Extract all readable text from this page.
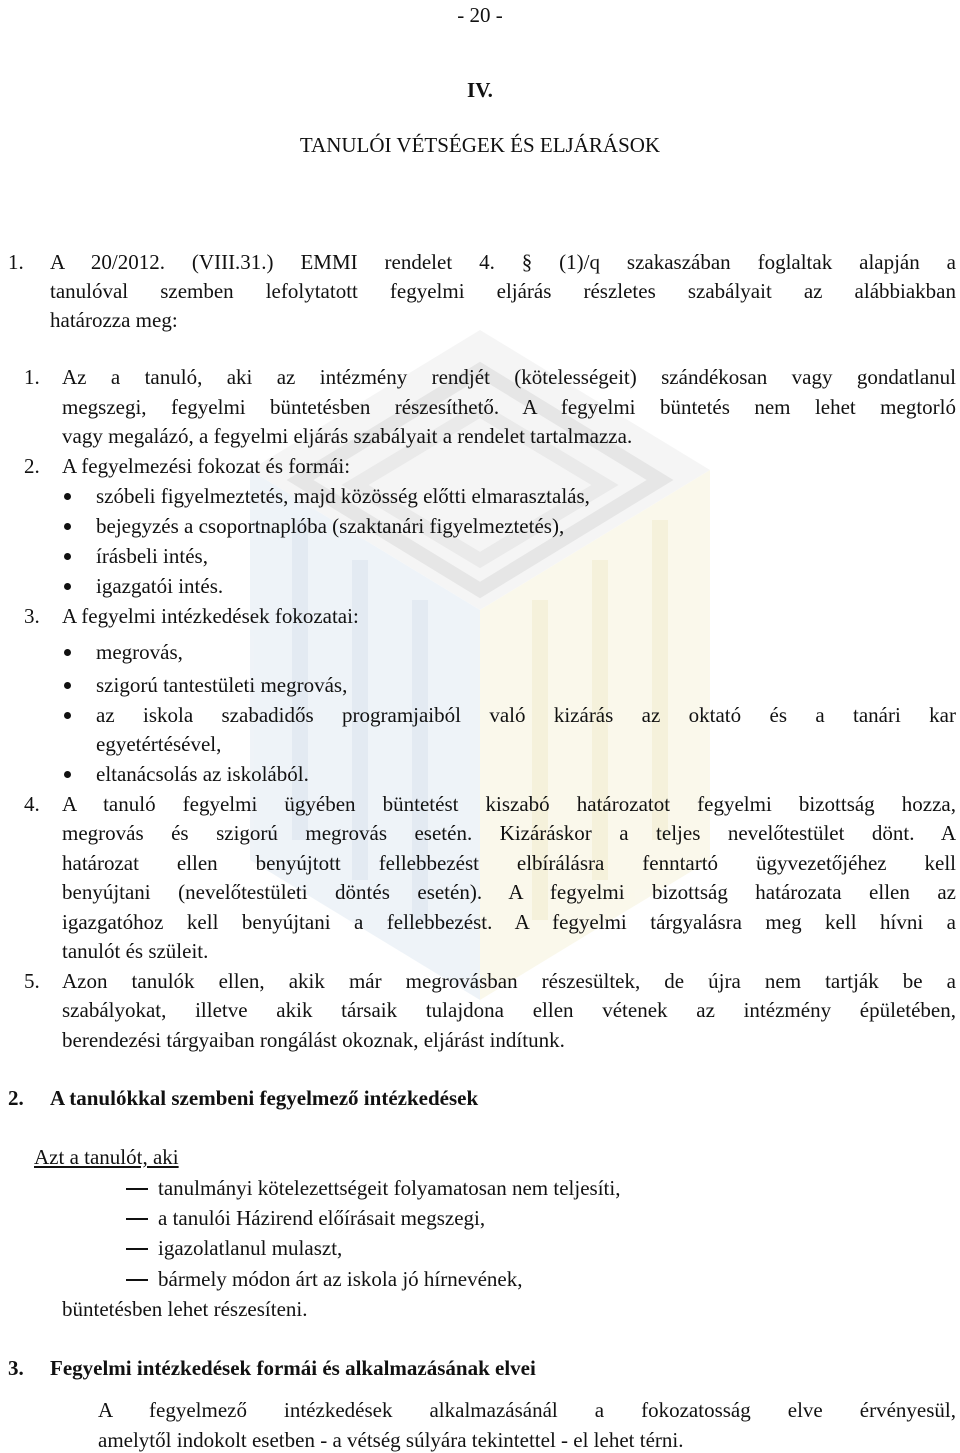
- 20 -
IV.
TANULÓI VÉTSÉGEK ÉS ELJÁRÁSOK
1. A 20/2012. (VIII.31.) EMMI rendelet 4. § (1)/q szakaszában foglaltak alapján a
tanulóval szemben lefolytatott fegyelmi eljárás részletes szabályait az alábbiakban
határozza meg:
1. Az a tanuló, aki az intézmény rendjét (kötelességeit) szándékosan vagy gondatlanul
megszegi, fegyelmi büntetésben részesíthető. A fegyelmi büntetés nem lehet megtorló
vagy megalázó, a fegyelmi eljárás szabályait a rendelet tartalmazza.
2. A fegyelmezési fokozat és formái:
szóbeli figyelmeztetés, majd közösség előtti elmarasztalás,
bejegyzés a csoportnaplóba (szaktanári figyelmeztetés),
írásbeli intés,
igazgatói intés.
3. A fegyelmi intézkedések fokozatai:
megrovás,
szigorú tantestületi megrovás,
az iskola szabadidős programjaiból való kizárás az oktató és a tanári kar
egyetértésével,
eltanácsolás az iskolából.
4. A tanuló fegyelmi ügyében büntetést kiszabó határozatot fegyelmi bizottság hozza,
megrovás és szigorú megrovás esetén. Kizáráskor a teljes nevelőtestület dönt. A
határozat ellen benyújtott fellebbezést elbírálásra fenntartó ügyvezetőjéhez kell
benyújtani (nevelőtestületi döntés esetén). A fegyelmi bizottság határozata ellen az
igazgatóhoz kell benyújtani a fellebbezést. A fegyelmi tárgyalásra meg kell hívni a
tanulót és szüleit.
5. Azon tanulók ellen, akik már megrovásban részesültek, de újra nem tartják be a
szabályokat, illetve akik társaik tulajdona ellen vétenek az intézmény épületében,
berendezési tárgyaiban rongálást okoznak, eljárást indítunk.
2. A tanulókkal szembeni fegyelmező intézkedések
Azt a tanulót, aki
tanulmányi kötelezettségeit folyamatosan nem teljesíti,
a tanulói Házirend előírásait megszegi,
igazolatlanul mulaszt,
bármely módon árt az iskola jó hírnevének,
büntetésben lehet részesíteni.
3. Fegyelmi intézkedések formái és alkalmazásának elvei
A fegyelmező intézkedések alkalmazásánál a fokozatosság elve érvényesül,
amelytől indokolt esetben - a vétség súlyára tekintettel - el lehet térni.
